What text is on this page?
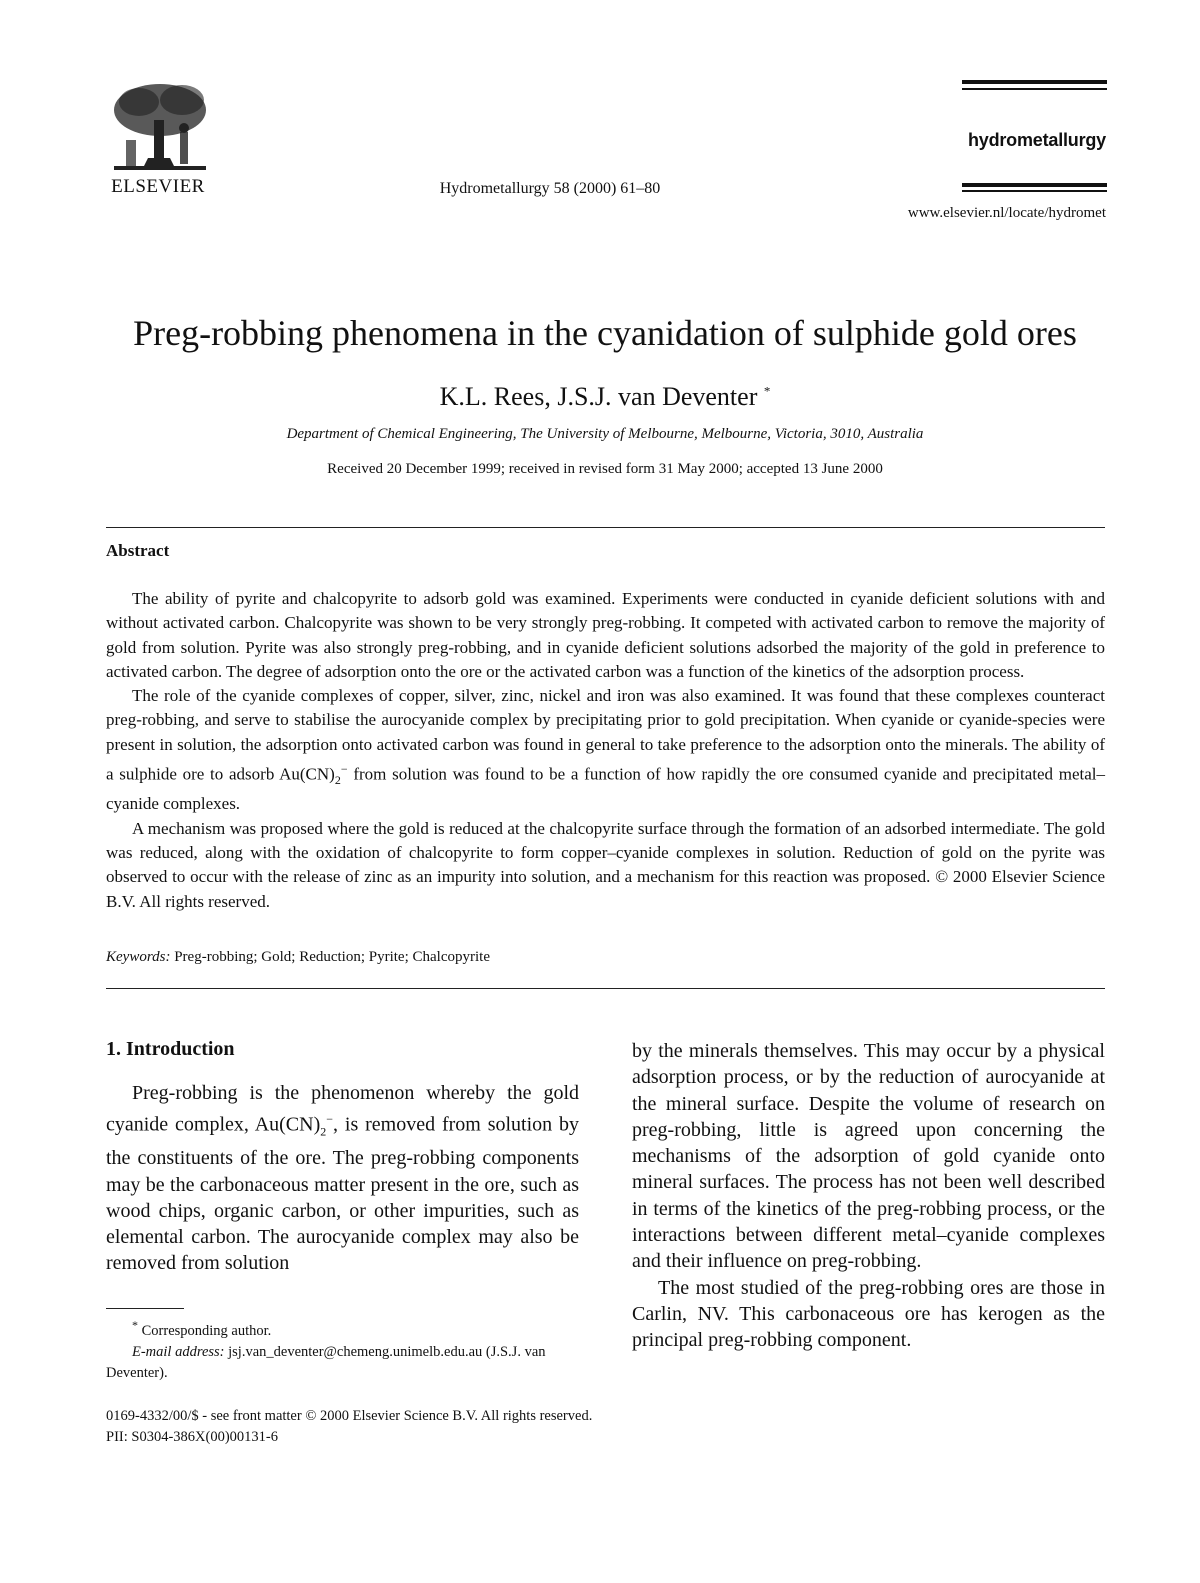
ELSEVIER	Hydrometallurgy 58 (2000) 61–80
hydrometallurgy
www.elsevier.nl/locate/hydromet
Preg-robbing phenomena in the cyanidation of sulphide gold ores
K.L. Rees, J.S.J. van Deventer *
Department of Chemical Engineering, The University of Melbourne, Melbourne, Victoria, 3010, Australia
Received 20 December 1999; received in revised form 31 May 2000; accepted 13 June 2000
Abstract

The ability of pyrite and chalcopyrite to adsorb gold was examined. Experiments were conducted in cyanide deficient solutions with and without activated carbon. Chalcopyrite was shown to be very strongly preg-robbing. It competed with activated carbon to remove the majority of gold from solution. Pyrite was also strongly preg-robbing, and in cyanide deficient solutions adsorbed the majority of the gold in preference to activated carbon. The degree of adsorption onto the ore or the activated carbon was a function of the kinetics of the adsorption process.

The role of the cyanide complexes of copper, silver, zinc, nickel and iron was also examined. It was found that these complexes counteract preg-robbing, and serve to stabilise the aurocyanide complex by precipitating prior to gold precipitation. When cyanide or cyanide-species were present in solution, the adsorption onto activated carbon was found in general to take preference to the adsorption onto the minerals. The ability of a sulphide ore to adsorb $Au(CN)_2^-$ from solution was found to be a function of how rapidly the ore consumed cyanide and precipitated metal–cyanide complexes.

A mechanism was proposed where the gold is reduced at the chalcopyrite surface through the formation of an adsorbed intermediate. The gold was reduced, along with the oxidation of chalcopyrite to form copper–cyanide complexes in solution. Reduction of gold on the pyrite was observed to occur with the release of zinc as an impurity into solution, and a mechanism for this reaction was proposed. © 2000 Elsevier Science B.V. All rights reserved.

Keywords: Preg-robbing; Gold; Reduction; Pyrite; Chalcopyrite
1. Introduction

Preg-robbing is the phenomenon whereby the gold cyanide complex, $Au(CN)_2^-$, is removed from solution by the constituents of the ore. The preg-robbing components may be the carbonaceous matter present in the ore, such as wood chips, organic carbon, or other impurities, such as elemental carbon. The aurocyanide complex may also be removed from solution

by the minerals themselves. This may occur by a physical adsorption process, or by the reduction of aurocyanide at the mineral surface. Despite the volume of research on preg-robbing, little is agreed upon concerning the mechanisms of the adsorption of gold cyanide onto mineral surfaces. The process has not been well described in terms of the kinetics of the preg-robbing process, or the interactions between different metal–cyanide complexes and their influence on preg-robbing.

The most studied of the preg-robbing ores are those in Carlin, NV. This carbonaceous ore has kerogen as the principal preg-robbing component.

* Corresponding author.
E-mail address: jsj.van_deventer@chemeng.unimelb.edu.au (J.S.J. van Deventer).
0169-4332/00/$ - see front matter © 2000 Elsevier Science B.V. All rights reserved.
PII: S0304-386X(00)00131-6
